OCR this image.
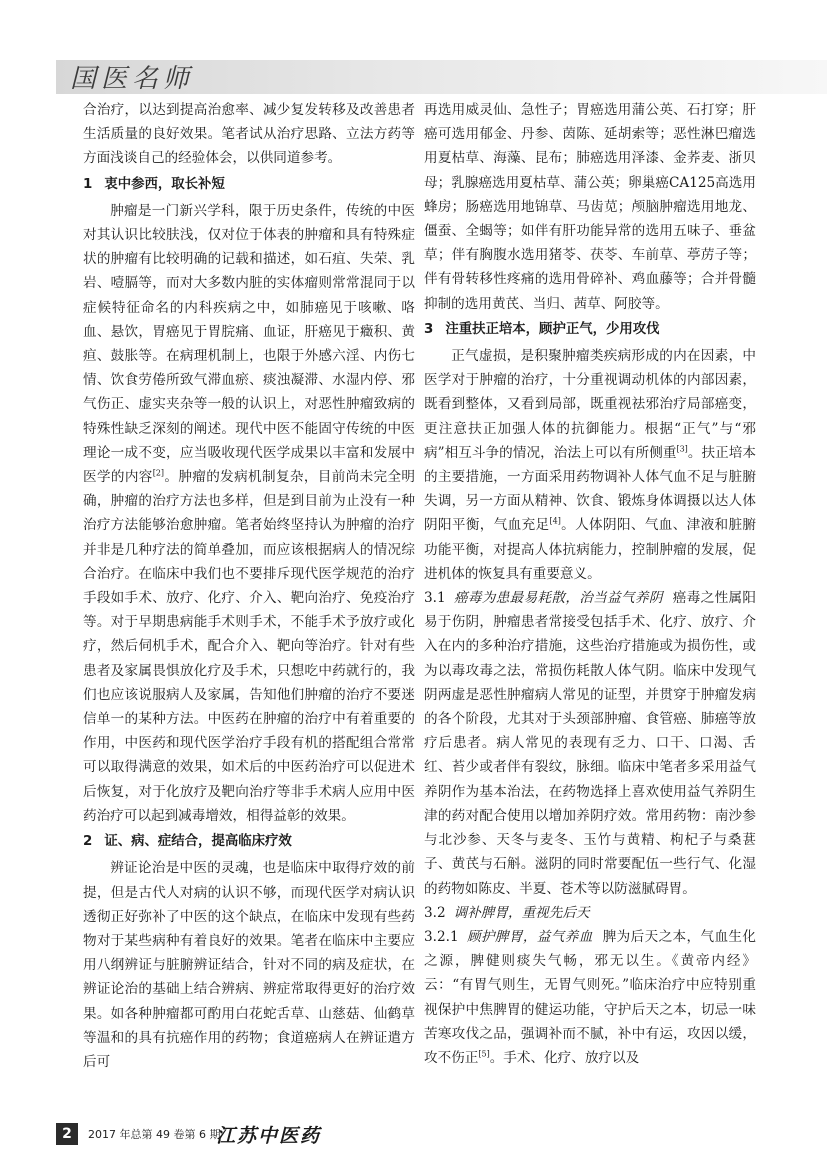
国医名师

合治疗，以达到提高治愈率、减少复发转移及改善患者生活质量的良好效果。笔者试从治疗思路、立法方药等方面浅谈自己的经验体会，以供同道参考。

1 衷中参西，取长补短

肿瘤是一门新兴学科，限于历史条件，传统的中医对其认识比较肤浅，仅对位于体表的肿瘤和具有特殊症状的肿瘤有比较明确的记载和描述，如石疽、失荣、乳岩、噎膈等，而对大多数内脏的实体瘤则常常混同于以症候特征命名的内科疾病之中，如肺癌见于咳嗽、咯血、悬饮，胃癌见于胃脘痛、血证，肝癌见于癥积、黄疸、鼓胀等。在病理机制上，也限于外感六淫、内伤七情、饮食劳倦所致气滞血瘀、痰浊凝滞、水湿内停、邪气伤正、虚实夹杂等一般的认识上，对恶性肿瘤致病的特殊性缺乏深刻的阐述。现代中医不能固守传统的中医理论一成不变，应当吸收现代医学成果以丰富和发展中医学的内容[2]。肿瘤的发病机制复杂，目前尚未完全明确，肿瘤的治疗方法也多样，但是到目前为止没有一种治疗方法能够治愈肿瘤。笔者始终坚持认为肿瘤的治疗并非是几种疗法的简单叠加，而应该根据病人的情况综合治疗。在临床中我们也不要排斥现代医学规范的治疗手段如手术、放疗、化疗、介入、靶向治疗、免疫治疗等。对于早期患病能手术则手术，不能手术予放疗或化疗，然后伺机手术，配合介入、靶向等治疗。针对有些患者及家属畏惧放化疗及手术，只想吃中药就行的，我们也应该说服病人及家属，告知他们肿瘤的治疗不要迷信单一的某种方法。中医药在肿瘤的治疗中有着重要的作用，中医药和现代医学治疗手段有机的搭配组合常常可以取得满意的效果，如术后的中医药治疗可以促进术后恢复，对于化放疗及靶向治疗等非手术病人应用中医药治疗可以起到减毒增效，相得益彰的效果。

2 证、病、症结合，提高临床疗效

辨证论治是中医的灵魂，也是临床中取得疗效的前提，但是古代人对病的认识不够，而现代医学对病认识透彻正好弥补了中医的这个缺点，在临床中发现有些药物对于某些病种有着良好的效果。笔者在临床中主要应用八纲辨证与脏腑辨证结合，针对不同的病及症状，在辨证论治的基础上结合辨病、辨症常取得更好的治疗效果。如各种肿瘤都可酌用白花蛇舌草、山慈菇、仙鹤草等温和的具有抗癌作用的药物；食道癌病人在辨证遣方后可

再选用威灵仙、急性子；胃癌选用蒲公英、石打穿；肝癌可选用郁金、丹参、茵陈、延胡索等；恶性淋巴瘤选用夏枯草、海藻、昆布；肺癌选用泽漆、金荞麦、浙贝母；乳腺癌选用夏枯草、蒲公英；卵巢癌CA125高选用蜂房；肠癌选用地锦草、马齿苋；颅脑肿瘤选用地龙、僵蚕、全蝎等；如伴有肝功能异常的选用五味子、垂盆草；伴有胸腹水选用猪苓、茯苓、车前草、葶苈子等；伴有骨转移性疼痛的选用骨碎补、鸡血藤等；合并骨髓抑制的选用黄芪、当归、茜草、阿胶等。

3 注重扶正培本，顾护正气，少用攻伐

正气虚损，是积聚肿瘤类疾病形成的内在因素，中医学对于肿瘤的治疗，十分重视调动机体的内部因素，既看到整体，又看到局部，既重视祛邪治疗局部癌变，更注意扶正加强人体的抗御能力。根据“正气”与“邪病”相互斗争的情况，治法上可以有所侧重[3]。扶正培本的主要措施，一方面采用药物调补人体气血不足与脏腑失调，另一方面从精神、饮食、锻炼身体调摄以达人体阴阳平衡，气血充足[4]。人体阴阳、气血、津液和脏腑功能平衡，对提高人体抗病能力，控制肿瘤的发展，促进机体的恢复具有重要意义。

3.1 癌毒为患最易耗散，治当益气养阴 癌毒之性属阳易于伤阴，肿瘤患者常接受包括手术、化疗、放疗、介入在内的多种治疗措施，这些治疗措施或为损伤性，或为以毒攻毒之法，常损伤耗散人体气阴。临床中发现气阴两虚是恶性肿瘤病人常见的证型，并贯穿于肿瘤发病的各个阶段，尤其对于头颈部肿瘤、食管癌、肺癌等放疗后患者。病人常见的表现有乏力、口干、口渴、舌红、苔少或者伴有裂纹，脉细。临床中笔者多采用益气养阴作为基本治法，在药物选择上喜欢使用益气养阴生津的药对配合使用以增加养阴疗效。常用药物：南沙参与北沙参、天冬与麦冬、玉竹与黄精、枸杞子与桑葚子、黄芪与石斛。滋阴的同时常要配伍一些行气、化湿的药物如陈皮、半夏、苍术等以防滋腻碍胃。

3.2 调补脾胃，重视先后天

3.2.1 顾护脾胃，益气养血 脾为后天之本，气血生化之源，脾健则痰失气畅，邪无以生。《黄帝内经》云：“有胃气则生，无胃气则死。”临床治疗中应特别重视保护中焦脾胃的健运功能，守护后天之本，切忌一味苦寒攻伐之品，强调补而不腻，补中有运，攻因以缓，攻不伤正[5]。手术、化疗、放疗以及

2	2017 年总第 49 卷第 6 期
江苏中医药
